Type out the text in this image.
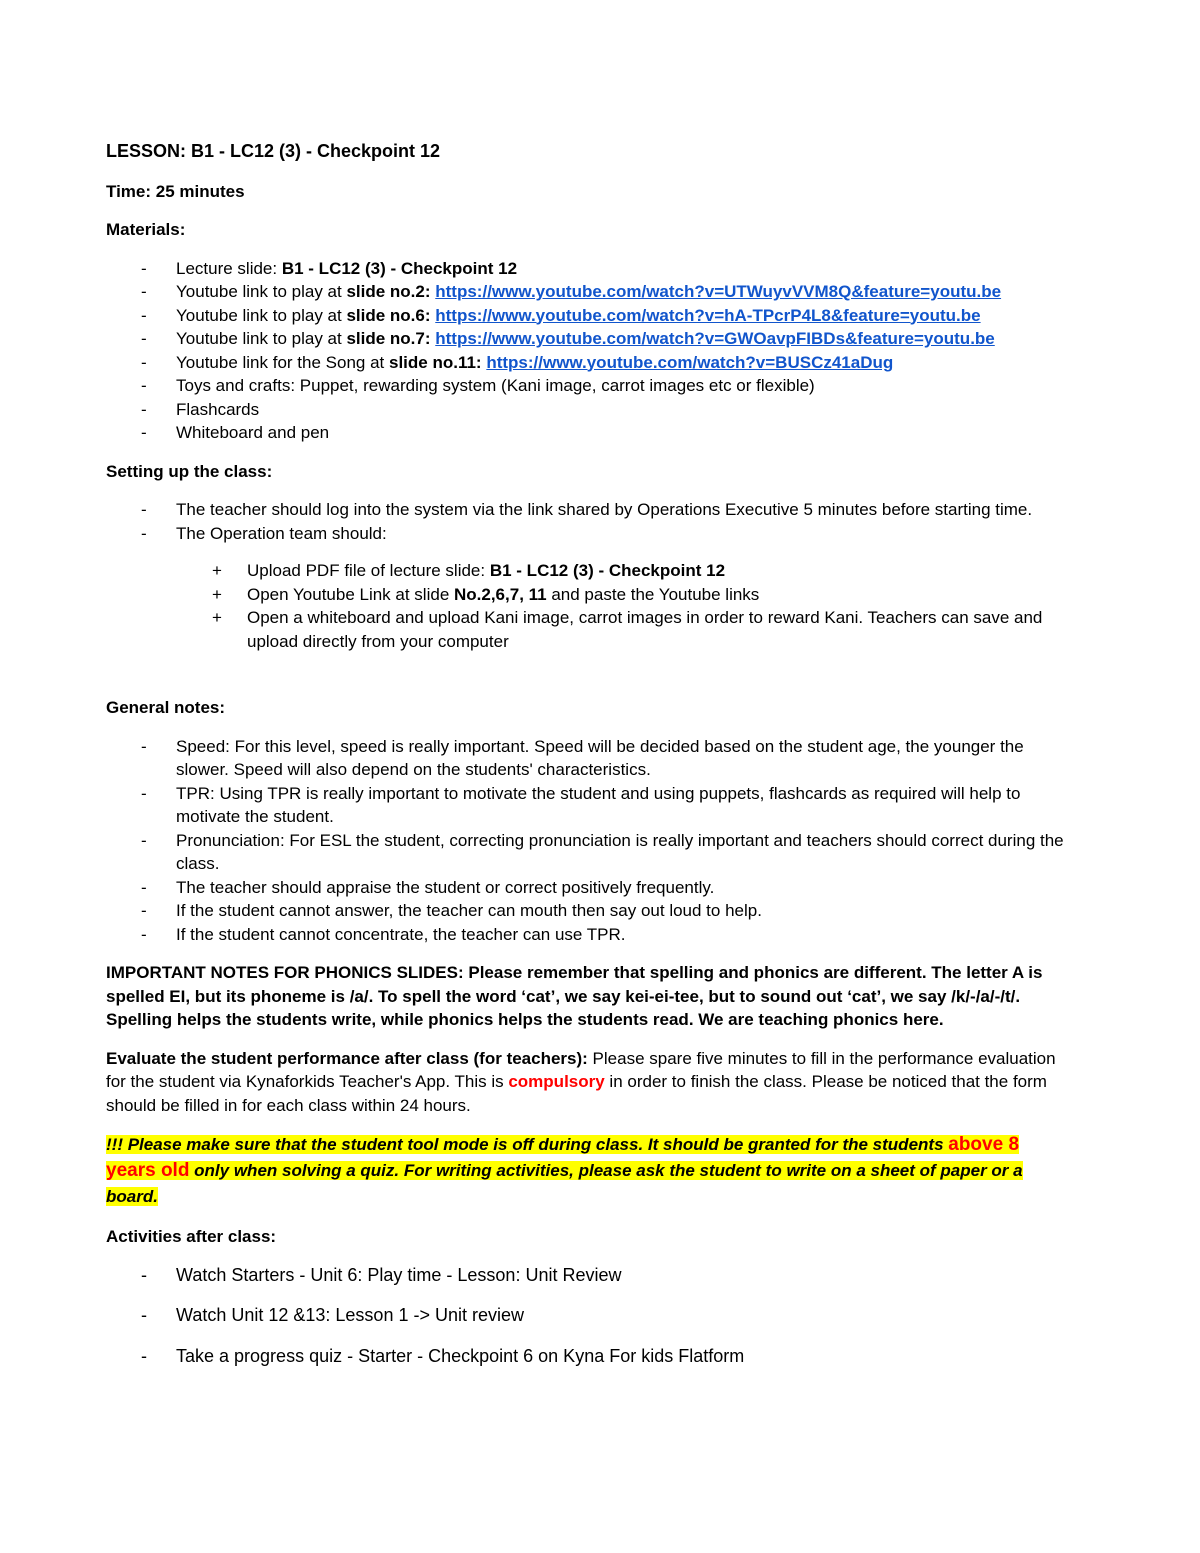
LESSON: B1 - LC12 (3) - Checkpoint 12

Time: 25 minutes

Materials:

- Lecture slide: B1 - LC12 (3) - Checkpoint 12
- Youtube link to play at slide no.2: https://www.youtube.com/watch?v=UTWuyvVVM8Q&feature=youtu.be
- Youtube link to play at slide no.6: https://www.youtube.com/watch?v=hA-TPcrP4L8&feature=youtu.be
- Youtube link to play at slide no.7: https://www.youtube.com/watch?v=GWOavpFIBDs&feature=youtu.be
- Youtube link for the Song at slide no.11: https://www.youtube.com/watch?v=BUSCz41aDug
- Toys and crafts: Puppet, rewarding system (Kani image, carrot images etc or flexible)
- Flashcards
- Whiteboard and pen

Setting up the class:

- The teacher should log into the system via the link shared by Operations Executive 5 minutes before starting time.
- The Operation team should:
+ Upload PDF file of lecture slide: B1 - LC12 (3) - Checkpoint 12
+ Open Youtube Link at slide No.2,6,7, 11 and paste the Youtube links
+ Open a whiteboard and upload Kani image, carrot images in order to reward Kani. Teachers can save and upload directly from your computer

General notes:

- Speed: For this level, speed is really important. Speed will be decided based on the student age, the younger the slower. Speed will also depend on the students' characteristics.
- TPR: Using TPR is really important to motivate the student and using puppets, flashcards as required will help to motivate the student.
- Pronunciation: For ESL the student, correcting pronunciation is really important and teachers should correct during the class.
- The teacher should appraise the student or correct positively frequently.
- If the student cannot answer, the teacher can mouth then say out loud to help.
- If the student cannot concentrate, the teacher can use TPR.

IMPORTANT NOTES FOR PHONICS SLIDES: Please remember that spelling and phonics are different. The letter A is spelled EI, but its phoneme is /a/. To spell the word ‘cat’, we say kei-ei-tee, but to sound out ‘cat’, we say /k/-/a/-/t/. Spelling helps the students write, while phonics helps the students read. We are teaching phonics here.

Evaluate the student performance after class (for teachers): Please spare five minutes to fill in the performance evaluation for the student via Kynaforkids Teacher's App. This is compulsory in order to finish the class. Please be noticed that the form should be filled in for each class within 24 hours.

!!! Please make sure that the student tool mode is off during class. It should be granted for the students above 8 years old only when solving a quiz. For writing activities, please ask the student to write on a sheet of paper or a board.

Activities after class:

- Watch Starters - Unit 6: Play time - Lesson: Unit Review
- Watch Unit 12 &13: Lesson 1 -> Unit review
- Take a progress quiz - Starter - Checkpoint 6 on Kyna For kids Flatform
